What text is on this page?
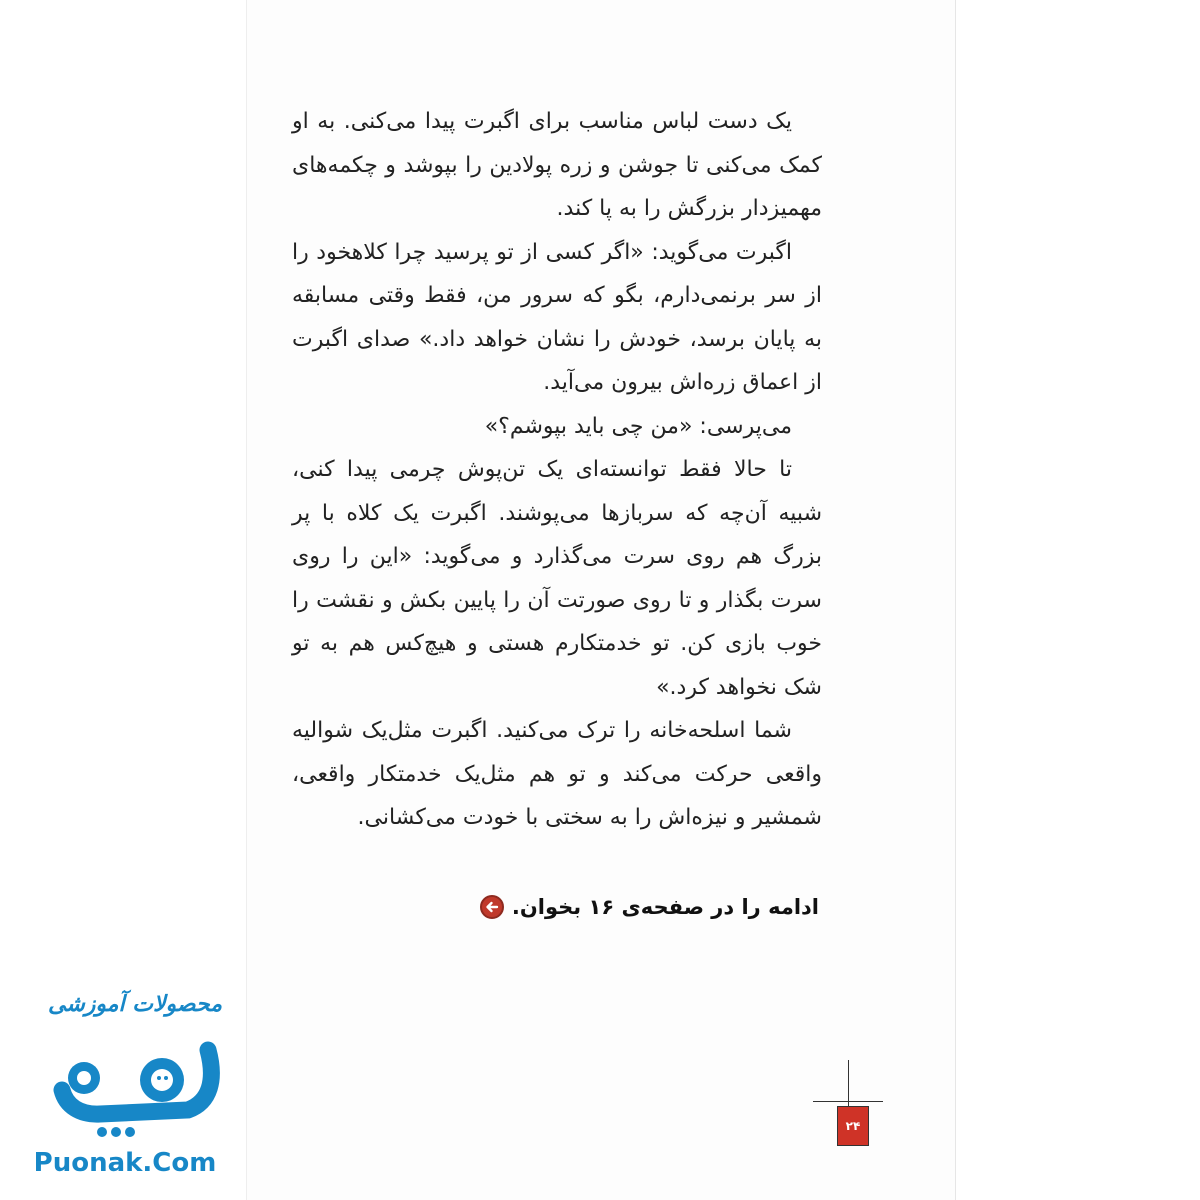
یک دست لباس مناسب برای اگبرت پیدا می‌کنی. به او کمک می‌کنی تا جوشن و زره پولادین را بپوشد و چکمه‌های مهمیزدار بزرگش را به پا کند.

اگبرت می‌گوید: «اگر کسی از تو پرسید چرا کلاهخود را از سر برنمی‌دارم، بگو که سرور من، فقط وقتی مسابقه به پایان برسد، خودش را نشان خواهد داد.» صدای اگبرت از اعماق زره‌اش بیرون می‌آید.

می‌پرسی: «من چی باید بپوشم؟»

تا حالا فقط توانسته‌ای یک تن‌پوش چرمی پیدا کنی، شبیه آن‌چه که سربازها می‌پوشند. اگبرت یک کلاه با پر بزرگ هم روی سرت می‌گذارد و می‌گوید: «این را روی سرت بگذار و تا روی صورتت آن را پایین بکش و نقشت را خوب بازی کن. تو خدمتکارم هستی و هیچ‌کس هم به تو شک نخواهد کرد.»

شما اسلحه‌خانه را ترک می‌کنید. اگبرت مثل‌یک شوالیه واقعی حرکت می‌کند و تو هم مثل‌یک خدمتکار واقعی، شمشیر و نیزه‌اش را به سختی با خودت می‌کشانی.

ادامه را در صفحه‌ی ۱۶ بخوان.
۲۴
محصولات آموزشی
Puonak.Com
